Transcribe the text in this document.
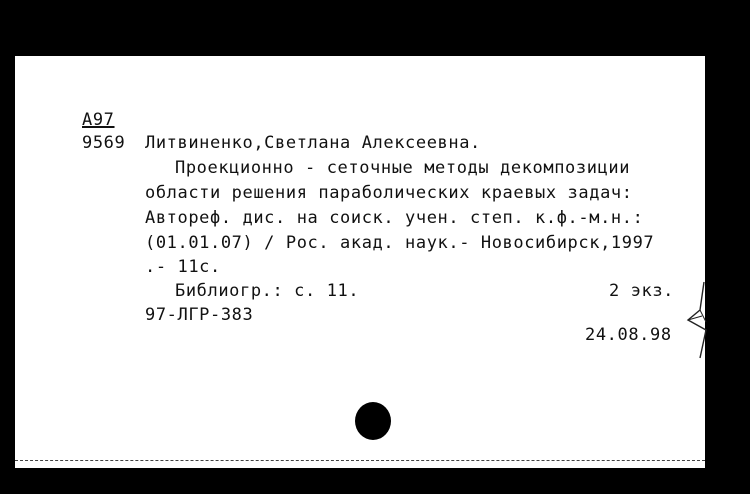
А97
9569 Литвиненко,Светлана Алексеевна.
Проекционно - сеточные методы декомпозиции
области решения параболических краевых задач:
Автореф. дис. на соиск. учен. степ. к.ф.-м.н.:
(01.01.07) / Рос. акад. наук.- Новосибирск,1997
.- 11с.
Библиогр.: с. 11.	2 экз.
97-ЛГР-383
24.08.98
